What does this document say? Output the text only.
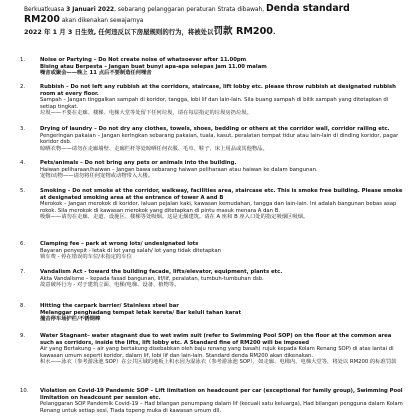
Berkuatkuasa 3 Januari 2022, sebarang pelanggaran peraturan Strata dibawah, Denda standard RM200 akan dikenakan sewajarnya
2022 年 1 月 3 日生效, 任何违反以下房屋规则的行为，将被处以罚款 RM200.
1.	Noise or Partying – Do Not create noise of whatsoever after 11.00pm
Bising atau Berpesta – Jangan buat bunyi apa-apa selepas jam 11.00 malam
噪音或聚会——晚上 11 点后不要制造任何噪音
2.	Rubbish – Do not left any rubbish at the corridors, staircase, lift lobby etc. please throw rubbish at designated rubbish room at every floor.
Sampah – Jangan tinggalkan sampah di koridor, tangga, lobi lif dan lain-lain. Sila buang sampah di bilik sampah yang ditetapkan di setiap tingkat.
垃圾——不要在走廊、楼梯、电梯大堂等处留下任何垃圾，请在每层指定的垃圾房扔垃圾。
3.	Drying of laundry – Do not dry any clothes, towels, shoes, bedding or others at the corridor wall, corridor railing etc.
Pengeringan pakaian – Jangan keringkan sebarang pakaian, tuala, kasut, peralatan tempat tidur atau lain-lain di dinding koridor, pagar koridor dsb.
晾晒衣物——请勿在走廊墙壁、走廊栏杆等处晾晒任何衣服、毛巾、鞋子、床上用品或其他物品。
4.	Pets/animals – Do not bring any pets or animals into the building.
Haiwan peliharaan/haiwan – Jangan bawa sebarang haiwan peliharaan atau haiwan ke dalam bangunan.
宠物/动物——请勿将任何宠物或动物带入大楼。
5.	Smoking – Do not smoke at the corridor, walkway, facilities area, staircase etc. This is smoke free building. Please smoke at designated smoking area at the entrance of tower A and B
Merokok – Jangan merokok di koridor, laluan pejalan kaki, kawasan kemudahan, tangga dan lain-lain. Ini adalah bangunan bebas asap rokok. Sila merokok di kawasan merokok yang ditetapkan di pintu masuk menara A dan B.
吸烟——请勿在走廊、走道、设施区、楼梯等处吸烟。这是无烟建筑。请在 A 座和 B 座入口处的指定吸烟区吸烟。
6.	Clamping fee – park at wrong lots/ undesignated lots
Bayaran penyepit - letak di lot yang salah/ lot yang tidak ditetapkan
锁车费 - 停在错误的车位/未指定的车位
7.	Vandalism Act - toward the building facade, lifts/elevator, equipment, plants etc.
Akta Vandalisme – kepada fasad bangunan, lif/lif, peralatan, tumbuh-tumbuhan dsb.
故意破坏行为 - 对于建筑立面、电梯/电梯、设备、植物等。
8.	Hitting the carpark barrier/ Stainless steel bar
Melanggar penghadang tempat letak kereta/ Bar keluli tahan karat
撞击停车场护栏/不锈钢棒
9.	Water Stagnant– water stagnant due to wet swim suit (refer to Swimming Pool SOP) on the floor at the common area such as corridors, inside the lifts, lift lobby etc. A Standard fine of RM200 will be imposed
Air yang Bertakung – air yang bertakung disebabkan oleh baju renang yang basah( rujuk kepada Kolam Renang SOP) di atas lantai di kawasan umum seperti koridor, dalam lif, lobi lif dan lain-lain. Standard denda RM200 akan dikenakan.
积水——泳衣（参考游泳池 SOP）在公共区域的地板上积水因为湿泳衣（参考游泳池 SOP），如走廊、电梯内、电梯大堂等，将处以 RM200 的标准罚款
10.	Violation on Covid-19 Pandemic SOP – Lift limitation on headcount per car (exceptional for family group), Swimming Pool limitation on headcount per session etc.
Pelanggaran SOP Pandemik Covid-19 – Had bilangan penumpang dalam lif (kecuali satu keluarga), Had bilangan pengguna dalam Kolam Renang untuk setiap sesi, Tiada topeng muka di kawasan umum dll.
